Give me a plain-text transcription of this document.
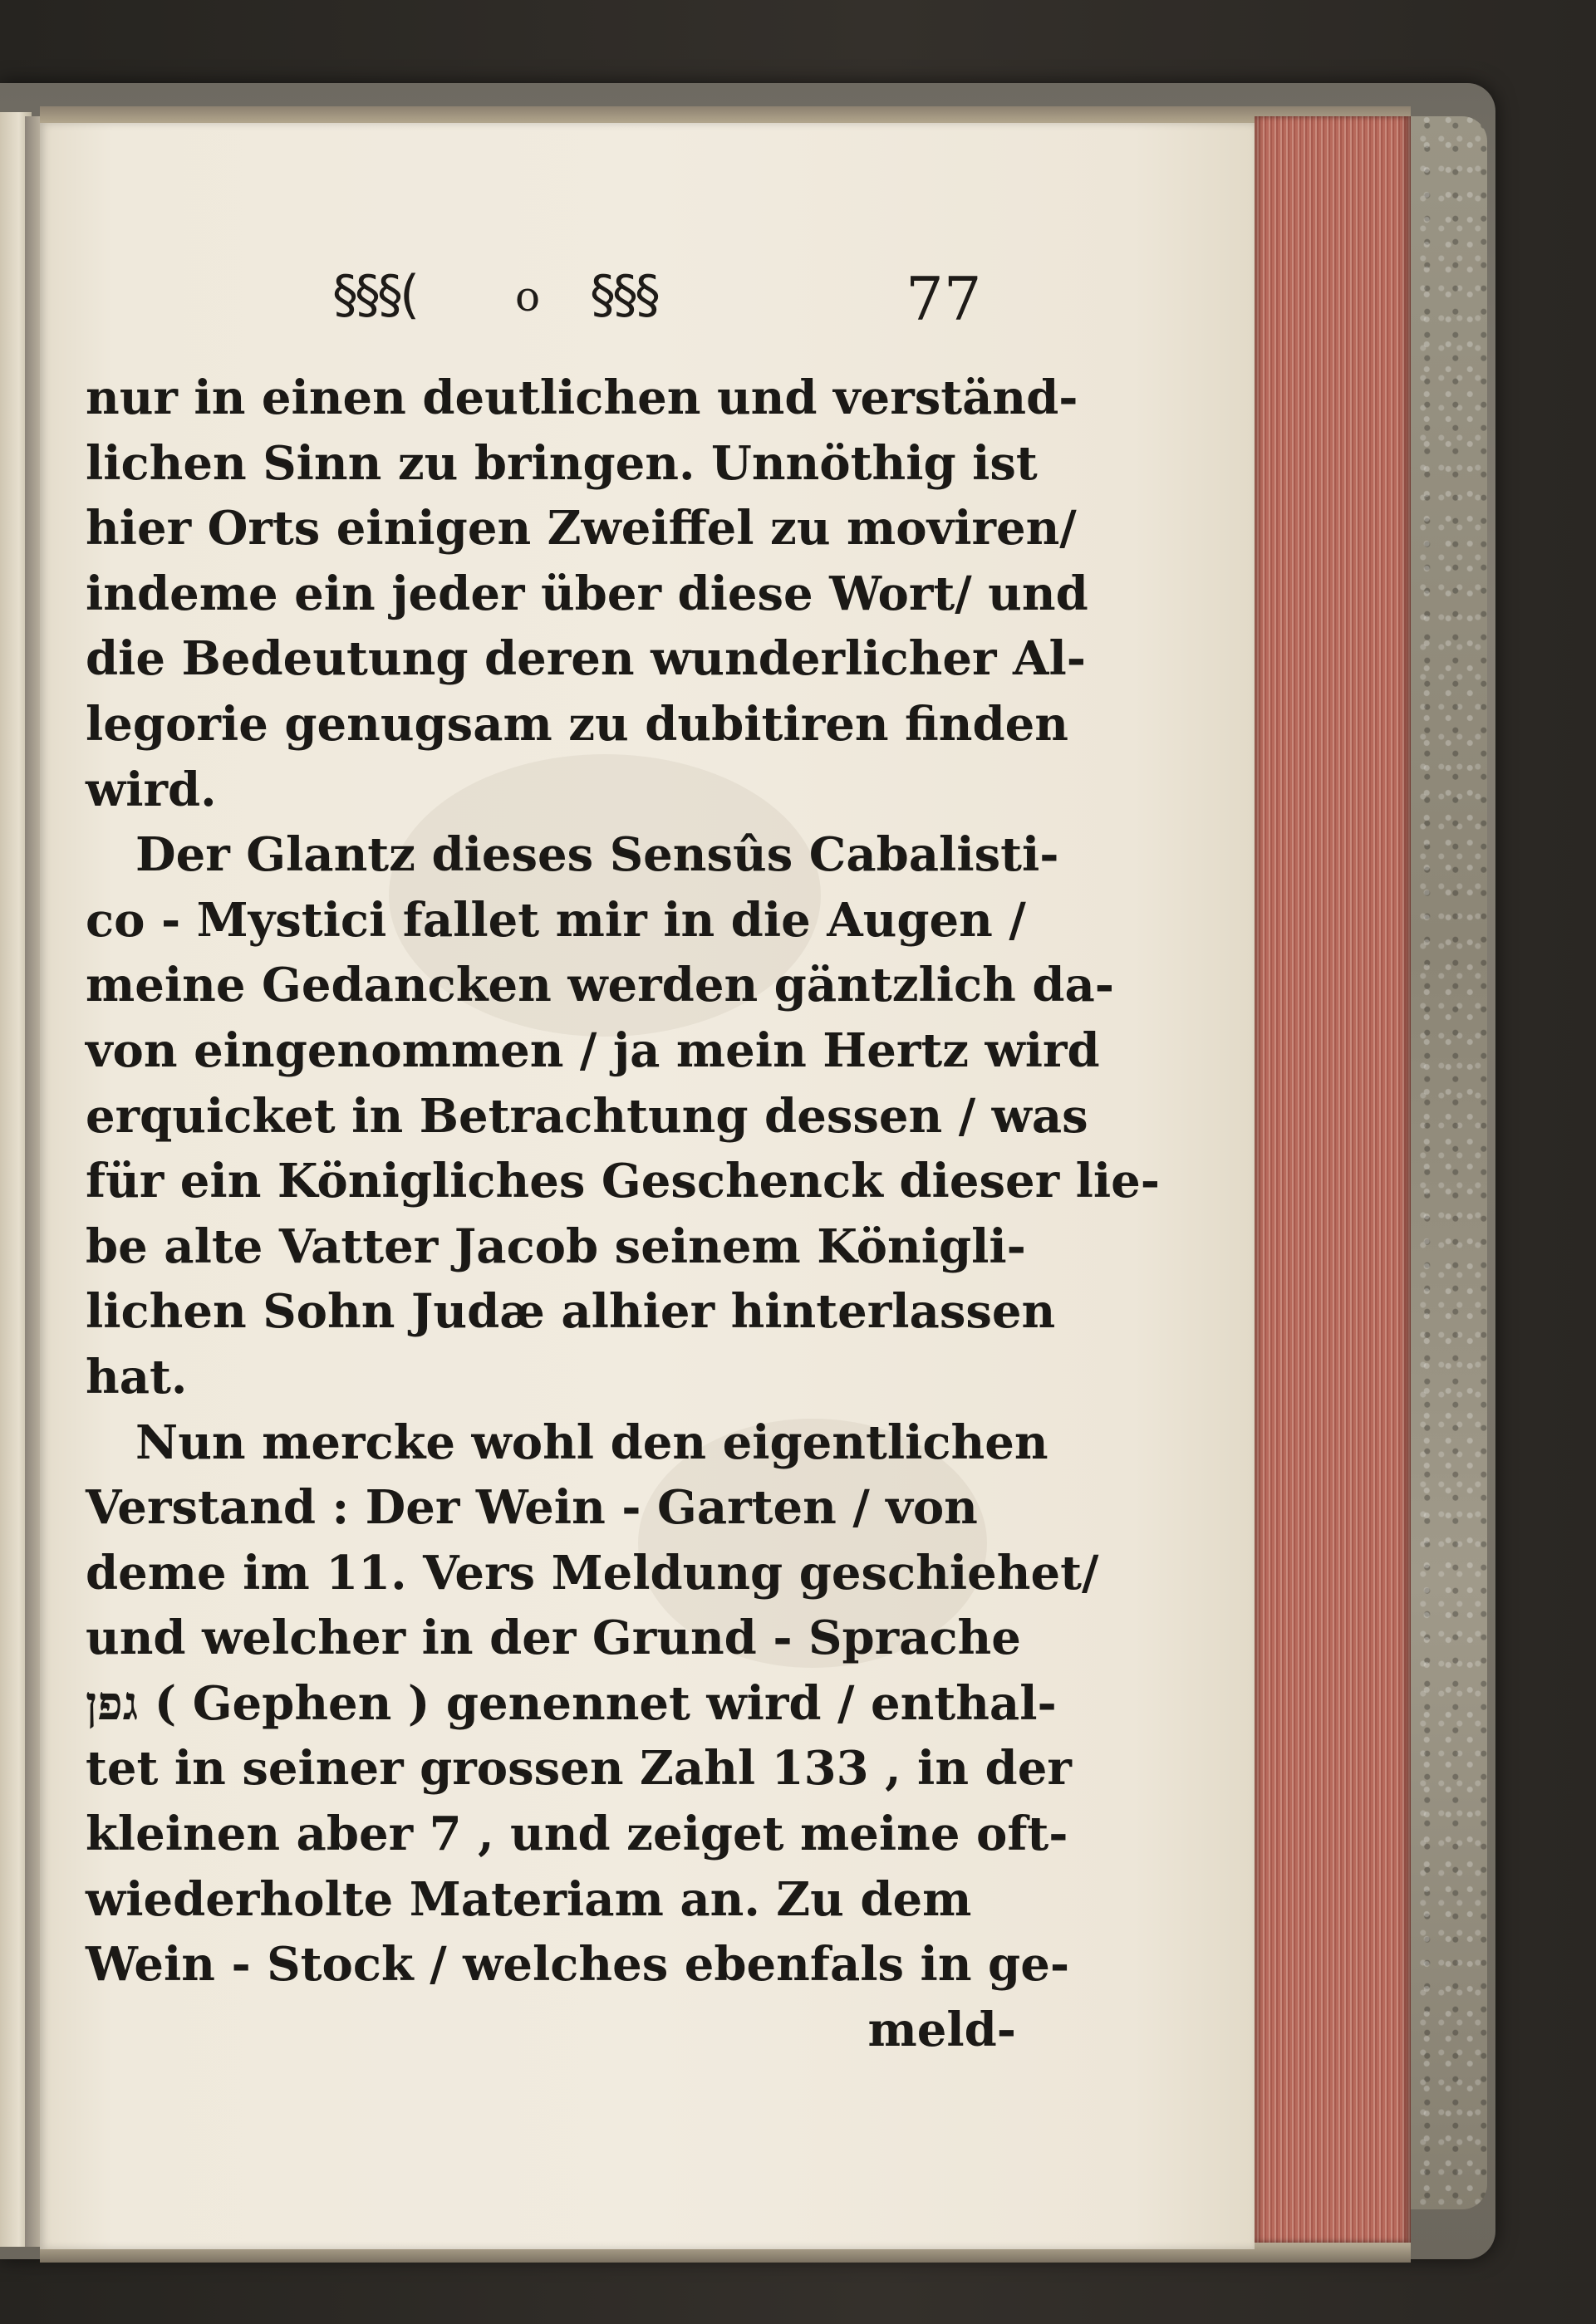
§§§( o §§§	77
nur in einen deutlichen und verständ-
lichen Sinn zu bringen. Unnöthig ist
hier Orts einigen Zweiffel zu moviren/
indeme ein jeder über diese Wort/ und
die Bedeutung deren wunderlicher Al-
legorie genugsam zu dubitiren finden
wird.
Der Glantz dieses Sensûs Cabalisti-
co - Mystici fallet mir in die Augen /
meine Gedancken werden gäntzlich da-
von eingenommen / ja mein Hertz wird
erquicket in Betrachtung dessen / was
für ein Königliches Geschenck dieser lie-
be alte Vatter Jacob seinem Königli-
lichen Sohn Judæ alhier hinterlassen
hat.
Nun mercke wohl den eigentlichen
Verstand : Der Wein - Garten / von
deme im 11. Vers Meldung geschiehet/
und welcher in der Grund - Sprache
גפן ( Gephen ) genennet wird / enthal-
tet in seiner grossen Zahl 133 , in der
kleinen aber 7 , und zeiget meine oft-
wiederholte Materiam an. Zu dem
Wein - Stock / welches ebenfals in ge-
meld-
